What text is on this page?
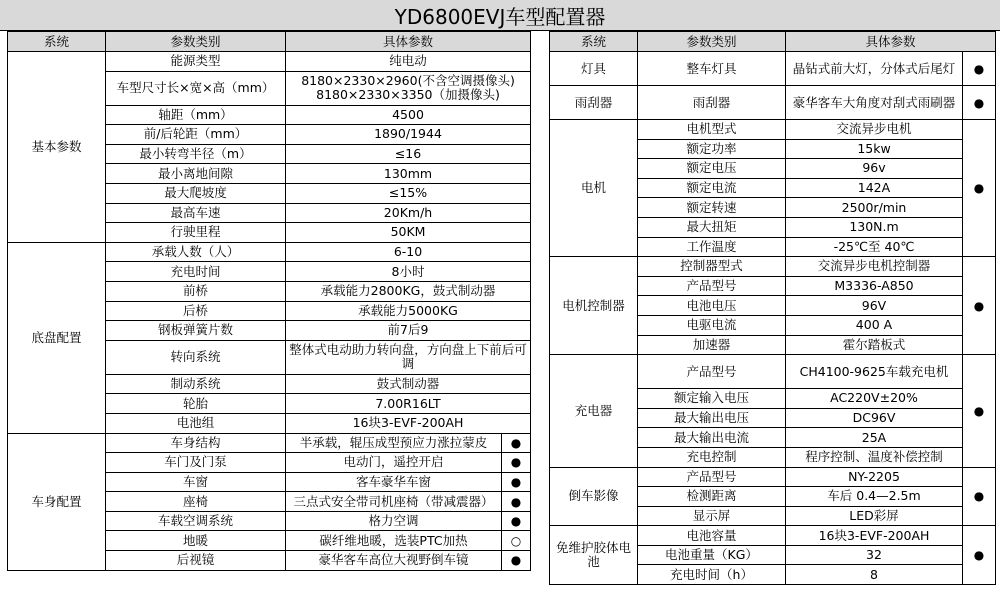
YD6800EVJ车型配置器
系统	参数类别	具体参数	
基本参数	能源类型	纯电动	
	车型尺寸长×宽×高（mm）	8180×2330×2960(不含空调摄像头)
8180×2330×3350（加摄像头)	
	轴距（mm）	4500	
	前/后轮距（mm）	1890/1944	
	最小转弯半径（m）	≤16	
	最小离地间隙	130mm	
	最大爬坡度	≤15%	
	最高车速	20Km/h	
	行驶里程	50KM	
底盘配置	承载人数（人）	6-10	
	充电时间	8小时	
	前桥	承载能力2800KG，鼓式制动器	
	后桥	承载能力5000KG	
	钢板弹簧片数	前7后9	
	转向系统	整体式电动助力转向盘，方向盘上下前后可调	
	制动系统	鼓式制动器	
	轮胎	7.00R16LT	
	电池组	16块3-EVF-200AH	
车身配置	车身结构	半承载，辊压成型预应力涨拉蒙皮	●
	车门及门泵	电动门，遥控开启	●
	车窗	客车豪华车窗	●
	座椅	三点式安全带司机座椅（带减震器）	●
	车载空调系统	格力空调	●
	地暖	碳纤维地暖，选装PTC加热	○
	后视镜	豪华客车高位大视野倒车镜	●
系统	参数类别	具体参数	
灯具	整车灯具	晶钻式前大灯，分体式后尾灯	●
雨刮器	雨刮器	豪华客车大角度对刮式雨刷器	●
电机	电机型式	交流异步电机	●
	额定功率	15kw	
	额定电压	96v	
	额定电流	142A	
	额定转速	2500r/min	
	最大扭矩	130N.m	
	工作温度	-25℃至 40℃	
电机控制器	控制器型式	交流异步电机控制器	●
	产品型号	M3336-A850	
	电池电压	96V	
	电驱电流	400 A	
	加速器	霍尔踏板式	
充电器	产品型号	CH4100-9625车载充电机	●
	额定输入电压	AC220V±20%	
	最大输出电压	DC96V	
	最大输出电流	25A	
	充电控制	程序控制、温度补偿控制	
倒车影像	产品型号	NY-2205	●
	检测距离	车后 0.4—2.5m	
	显示屏	LED彩屏	
免维护胶体电池	电池容量	16块3-EVF-200AH	●
	电池重量（KG）	32	
	充电时间（h）	8	
